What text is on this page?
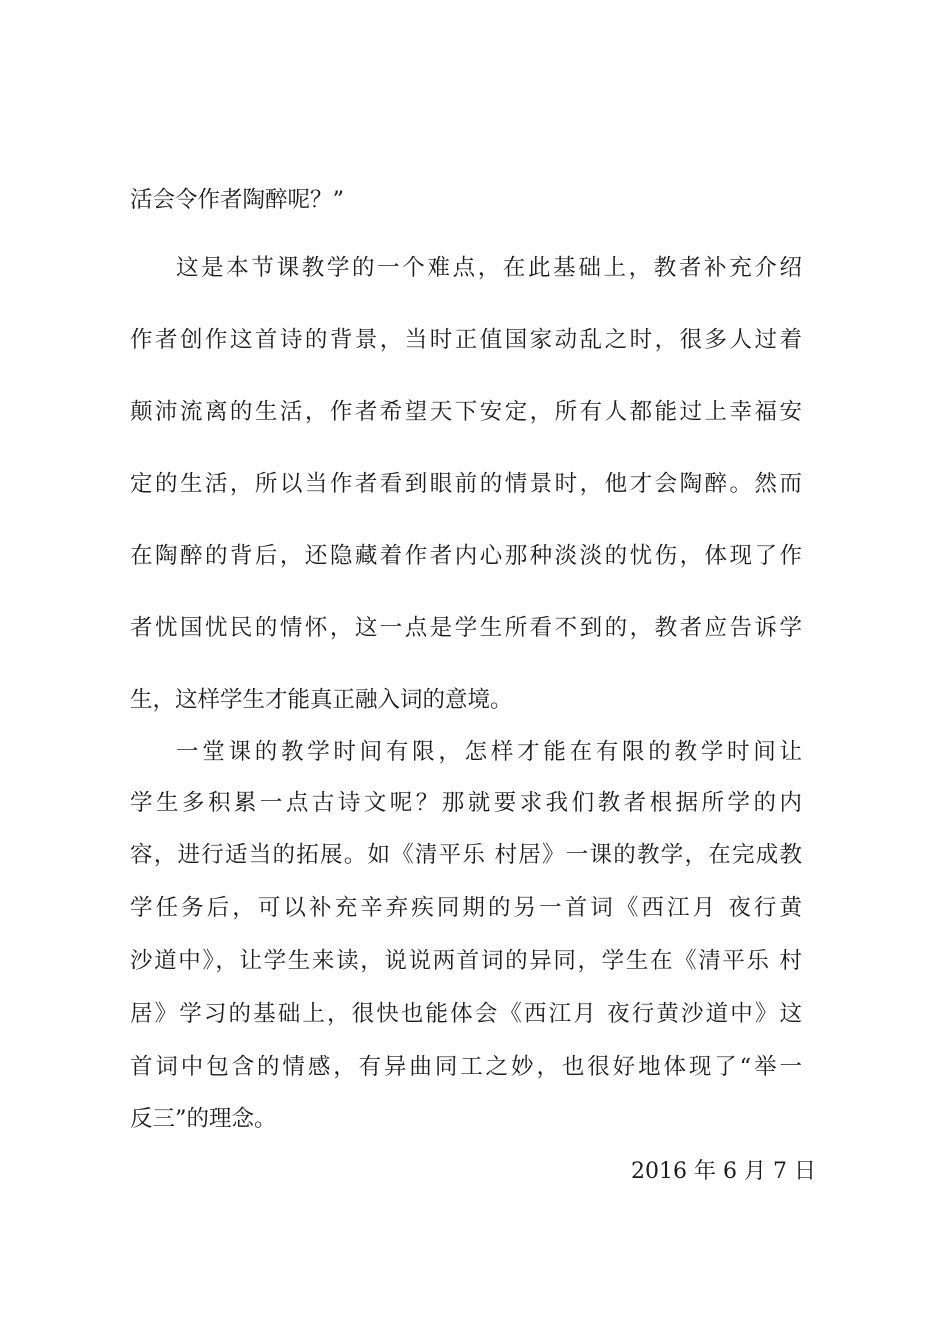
活会令作者陶醉呢？”
这是本节课教学的一个难点，在此基础上，教者补充介绍
作者创作这首诗的背景，当时正值国家动乱之时，很多人过着
颠沛流离的生活，作者希望天下安定，所有人都能过上幸福安
定的生活，所以当作者看到眼前的情景时，他才会陶醉。然而
在陶醉的背后，还隐藏着作者内心那种淡淡的忧伤，体现了作
者忧国忧民的情怀，这一点是学生所看不到的，教者应告诉学
生，这样学生才能真正融入词的意境。
一堂课的教学时间有限，怎样才能在有限的教学时间让
学生多积累一点古诗文呢？那就要求我们教者根据所学的内
容，进行适当的拓展。如《清平乐 村居》一课的教学，在完成教
学任务后，可以补充辛弃疾同期的另一首词《西江月 夜行黄
沙道中》，让学生来读，说说两首词的异同，学生在《清平乐 村
居》学习的基础上，很快也能体会《西江月 夜行黄沙道中》这
首词中包含的情感，有异曲同工之妙，也很好地体现了“举一
反三”的理念。
2016 年 6 月 7 日
